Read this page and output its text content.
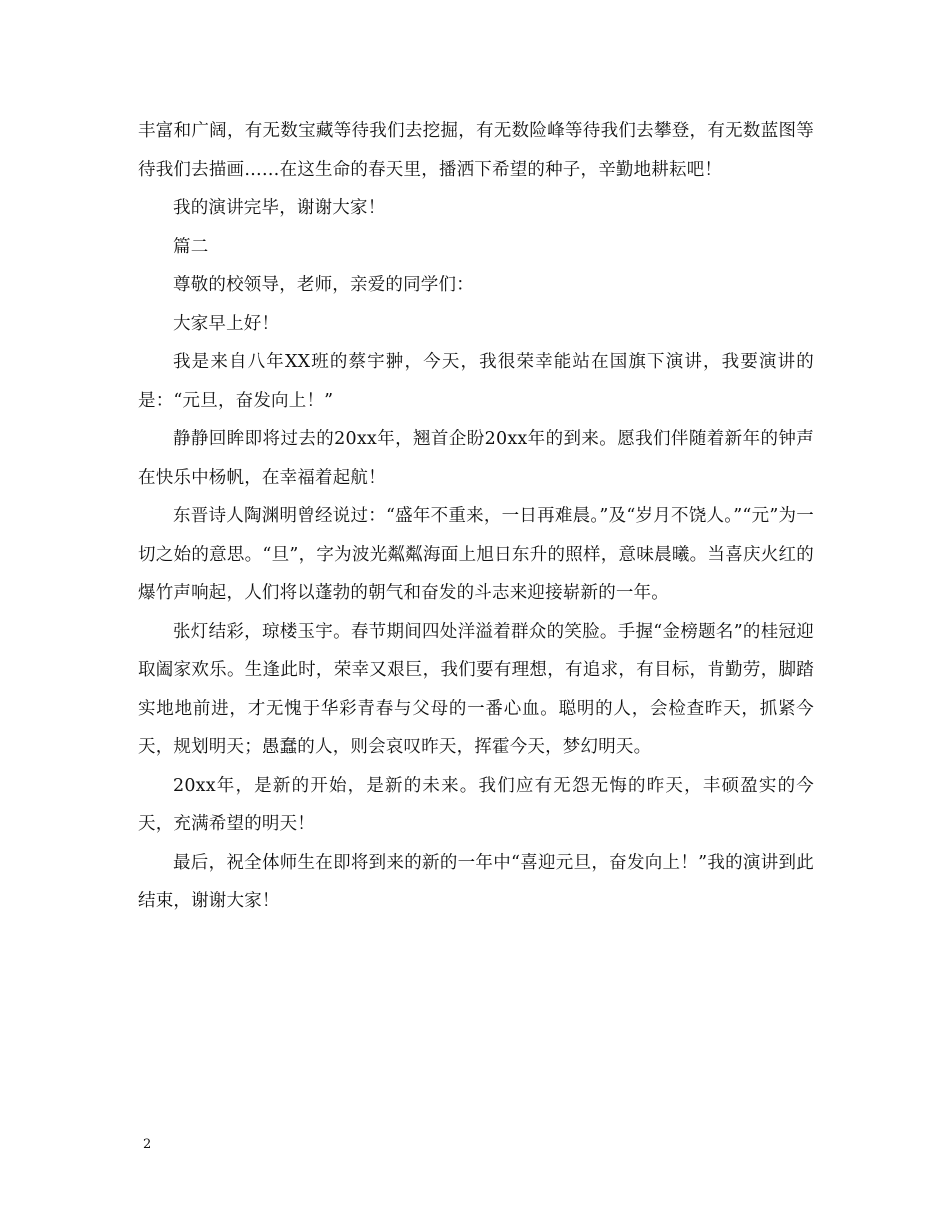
丰富和广阔，有无数宝藏等待我们去挖掘，有无数险峰等待我们去攀登，有无数蓝图等待我们去描画……在这生命的春天里，播洒下希望的种子，辛勤地耕耘吧！

我的演讲完毕，谢谢大家！

篇二

尊敬的校领导，老师，亲爱的同学们：

大家早上好！

我是来自八年XX班的蔡宇翀，今天，我很荣幸能站在国旗下演讲，我要演讲的是：“元旦，奋发向上！”

静静回眸即将过去的20xx年，翘首企盼20xx年的到来。愿我们伴随着新年的钟声在快乐中杨帆，在幸福着起航！

东晋诗人陶渊明曾经说过：“盛年不重来，一日再难晨。”及“岁月不饶人。”“元”为一切之始的意思。“旦”，字为波光粼粼海面上旭日东升的照样，意味晨曦。当喜庆火红的爆竹声响起，人们将以蓬勃的朝气和奋发的斗志来迎接崭新的一年。

张灯结彩，琼楼玉宇。春节期间四处洋溢着群众的笑脸。手握“金榜题名”的桂冠迎取阖家欢乐。生逢此时，荣幸又艰巨，我们要有理想，有追求，有目标，肯勤劳，脚踏实地地前进，才无愧于华彩青春与父母的一番心血。聪明的人，会检查昨天，抓紧今天，规划明天；愚蠢的人，则会哀叹昨天，挥霍今天，梦幻明天。

20xx年，是新的开始，是新的未来。我们应有无怨无悔的昨天，丰硕盈实的今天，充满希望的明天！

最后，祝全体师生在即将到来的新的一年中“喜迎元旦，奋发向上！”我的演讲到此结束，谢谢大家！

2
